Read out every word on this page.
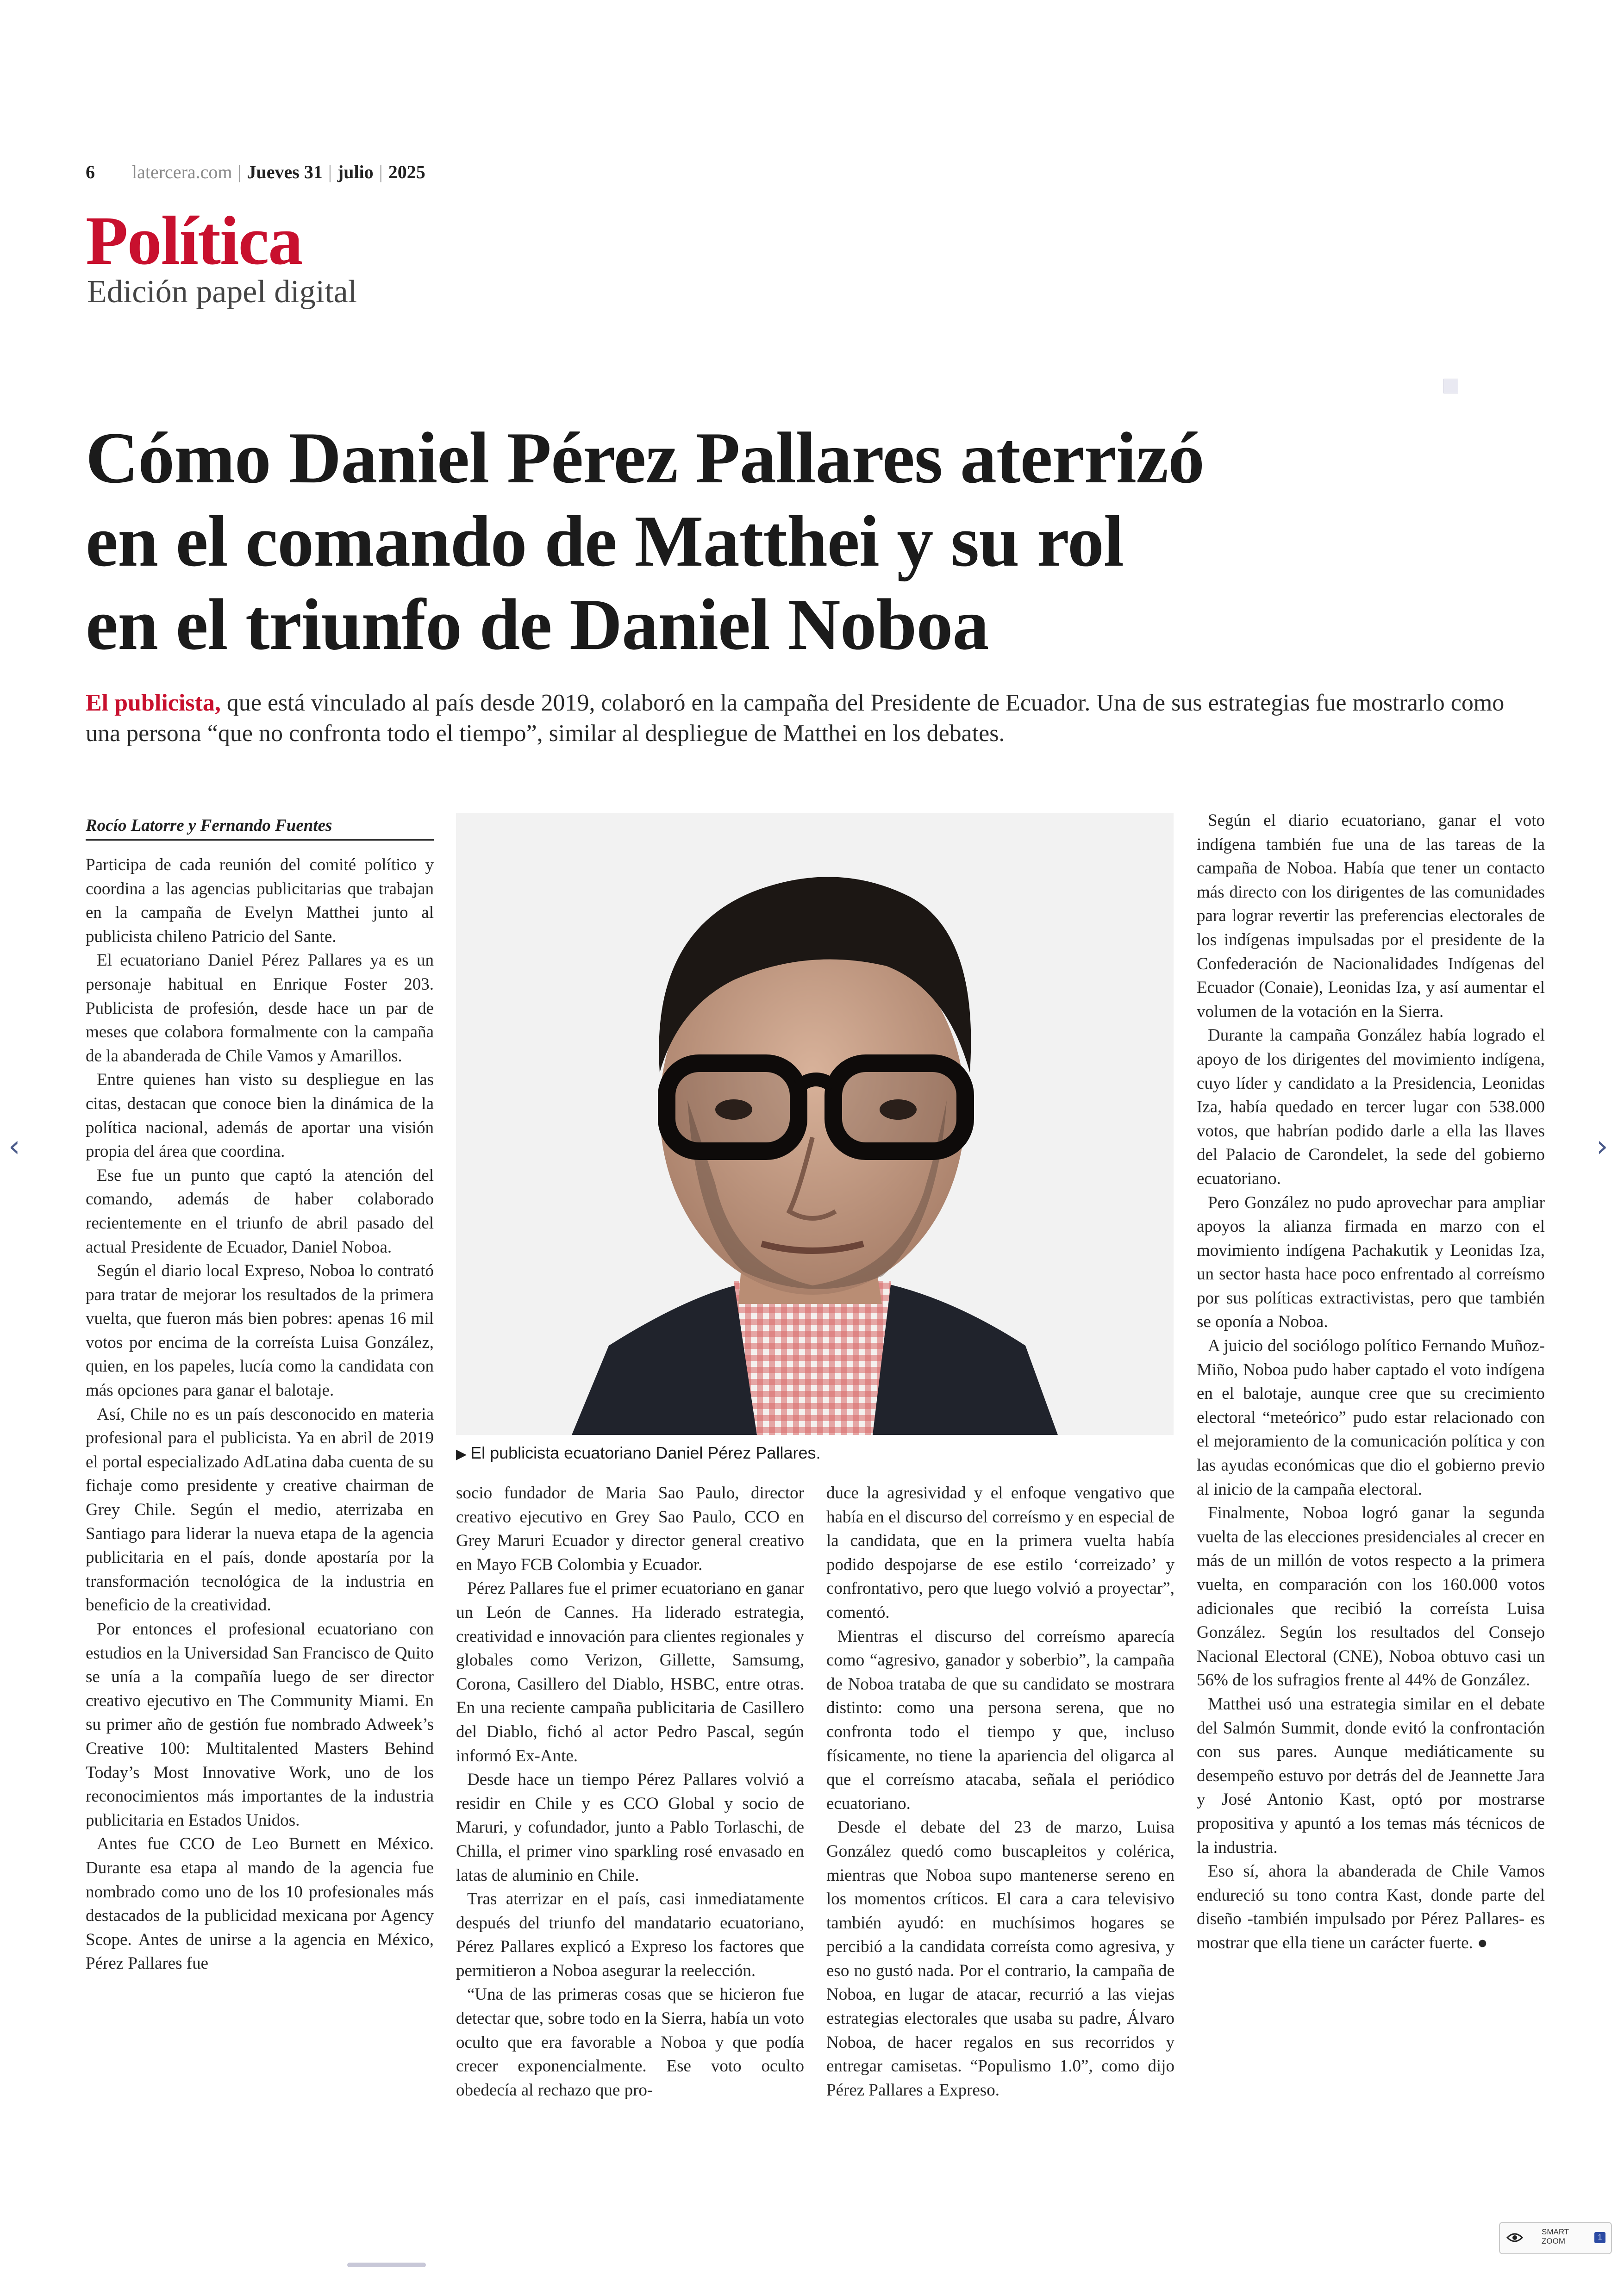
6 latercera.com | Jueves 31 | julio | 2025
Política
Edición papel digital
Cómo Daniel Pérez Pallares aterrizó
en el comando de Matthei y su rol
en el triunfo de Daniel Noboa
El publicista, que está vinculado al país desde 2019, colaboró en la campaña del Presidente de Ecuador. Una de sus estrategias fue mostrarlo como una persona “que no confronta todo el tiempo”, similar al despliegue de Matthei en los debates.
Rocío Latorre y Fernando Fuentes

Participa de cada reunión del comité político y coordina a las agencias publicitarias que trabajan en la campaña de Evelyn Matthei junto al publicista chileno Patricio del Sante.

El ecuatoriano Daniel Pérez Pallares ya es un personaje habitual en Enrique Foster 203. Publicista de profesión, desde hace un par de meses que colabora formalmente con la campaña de la abanderada de Chile Vamos y Amarillos.

Entre quienes han visto su despliegue en las citas, destacan que conoce bien la dinámica de la política nacional, además de aportar una visión propia del área que coordina.

Ese fue un punto que captó la atención del comando, además de haber colaborado recientemente en el triunfo de abril pasado del actual Presidente de Ecuador, Daniel Noboa.

Según el diario local Expreso, Noboa lo contrató para tratar de mejorar los resultados de la primera vuelta, que fueron más bien pobres: apenas 16 mil votos por encima de la correísta Luisa González, quien, en los papeles, lucía como la candidata con más opciones para ganar el balotaje.

Así, Chile no es un país desconocido en materia profesional para el publicista. Ya en abril de 2019 el portal especializado AdLatina daba cuenta de su fichaje como presidente y creative chairman de Grey Chile. Según el medio, aterrizaba en Santiago para liderar la nueva etapa de la agencia publicitaria en el país, donde apostaría por la transformación tecnológica de la industria en beneficio de la creatividad.

Por entonces el profesional ecuatoriano con estudios en la Universidad San Francisco de Quito se unía a la compañía luego de ser director creativo ejecutivo en The Community Miami. En su primer año de gestión fue nombrado Adweek’s Creative 100: Multitalented Masters Behind Today’s Most Innovative Work, uno de los reconocimientos más importantes de la industria publicitaria en Estados Unidos.

Antes fue CCO de Leo Burnett en México. Durante esa etapa al mando de la agencia fue nombrado como uno de los 10 profesionales más destacados de la publicidad mexicana por Agency Scope. Antes de unirse a la agencia en México, Pérez Pallares fue

▶ El publicista ecuatoriano Daniel Pérez Pallares.

socio fundador de Maria Sao Paulo, director creativo ejecutivo en Grey Sao Paulo, CCO en Grey Maruri Ecuador y director general creativo en Mayo FCB Colombia y Ecuador.

Pérez Pallares fue el primer ecuatoriano en ganar un León de Cannes. Ha liderado estrategia, creatividad e innovación para clientes regionales y globales como Verizon, Gillette, Samsumg, Corona, Casillero del Diablo, HSBC, entre otras. En una reciente campaña publicitaria de Casillero del Diablo, fichó al actor Pedro Pascal, según informó Ex-Ante.

Desde hace un tiempo Pérez Pallares volvió a residir en Chile y es CCO Global y socio de Maruri, y cofundador, junto a Pablo Torlaschi, de Chilla, el primer vino sparkling rosé envasado en latas de aluminio en Chile.

Tras aterrizar en el país, casi inmediatamente después del triunfo del mandatario ecuatoriano, Pérez Pallares explicó a Expreso los factores que permitieron a Noboa asegurar la reelección.

“Una de las primeras cosas que se hicieron fue detectar que, sobre todo en la Sierra, había un voto oculto que era favorable a Noboa y que podía crecer exponencialmente. Ese voto oculto obedecía al rechazo que pro-

duce la agresividad y el enfoque vengativo que había en el discurso del correísmo y en especial de la candidata, que en la primera vuelta había podido despojarse de ese estilo ‘correizado’ y confrontativo, pero que luego volvió a proyectar”, comentó.

Mientras el discurso del correísmo aparecía como “agresivo, ganador y soberbio”, la campaña de Noboa trataba de que su candidato se mostrara distinto: como una persona serena, que no confronta todo el tiempo y que, incluso físicamente, no tiene la apariencia del oligarca al que el correísmo atacaba, señala el periódico ecuatoriano.

Desde el debate del 23 de marzo, Luisa González quedó como buscapleitos y colérica, mientras que Noboa supo mantenerse sereno en los momentos críticos. El cara a cara televisivo también ayudó: en muchísimos hogares se percibió a la candidata correísta como agresiva, y eso no gustó nada. Por el contrario, la campaña de Noboa, en lugar de atacar, recurrió a las viejas estrategias electorales que usaba su padre, Álvaro Noboa, de hacer regalos en sus recorridos y entregar camisetas. “Populismo 1.0”, como dijo Pérez Pallares a Expreso.

Según el diario ecuatoriano, ganar el voto indígena también fue una de las tareas de la campaña de Noboa. Había que tener un contacto más directo con los dirigentes de las comunidades para lograr revertir las preferencias electorales de los indígenas impulsadas por el presidente de la Confederación de Nacionalidades Indígenas del Ecuador (Conaie), Leonidas Iza, y así aumentar el volumen de la votación en la Sierra.

Durante la campaña González había logrado el apoyo de los dirigentes del movimiento indígena, cuyo líder y candidato a la Presidencia, Leonidas Iza, había quedado en tercer lugar con 538.000 votos, que habrían podido darle a ella las llaves del Palacio de Carondelet, la sede del gobierno ecuatoriano.

Pero González no pudo aprovechar para ampliar apoyos la alianza firmada en marzo con el movimiento indígena Pachakutik y Leonidas Iza, un sector hasta hace poco enfrentado al correísmo por sus políticas extractivistas, pero que también se oponía a Noboa.

A juicio del sociólogo político Fernando Muñoz-Miño, Noboa pudo haber captado el voto indígena en el balotaje, aunque cree que su crecimiento electoral “meteórico” pudo estar relacionado con el mejoramiento de la comunicación política y con las ayudas económicas que dio el gobierno previo al inicio de la campaña electoral.

Finalmente, Noboa logró ganar la segunda vuelta de las elecciones presidenciales al crecer en más de un millón de votos respecto a la primera vuelta, en comparación con los 160.000 votos adicionales que recibió la correísta Luisa González. Según los resultados del Consejo Nacional Electoral (CNE), Noboa obtuvo casi un 56% de los sufragios frente al 44% de González.

Matthei usó una estrategia similar en el debate del Salmón Summit, donde evitó la confrontación con sus pares. Aunque mediáticamente su desempeño estuvo por detrás del de Jeannette Jara y José Antonio Kast, optó por mostrarse propositiva y apuntó a los temas más técnicos de la industria.

Eso sí, ahora la abanderada de Chile Vamos endureció su tono contra Kast, donde parte del diseño -también impulsado por Pérez Pallares- es mostrar que ella tiene un carácter fuerte. ●

‹	›
SMART
ZOOM	1
